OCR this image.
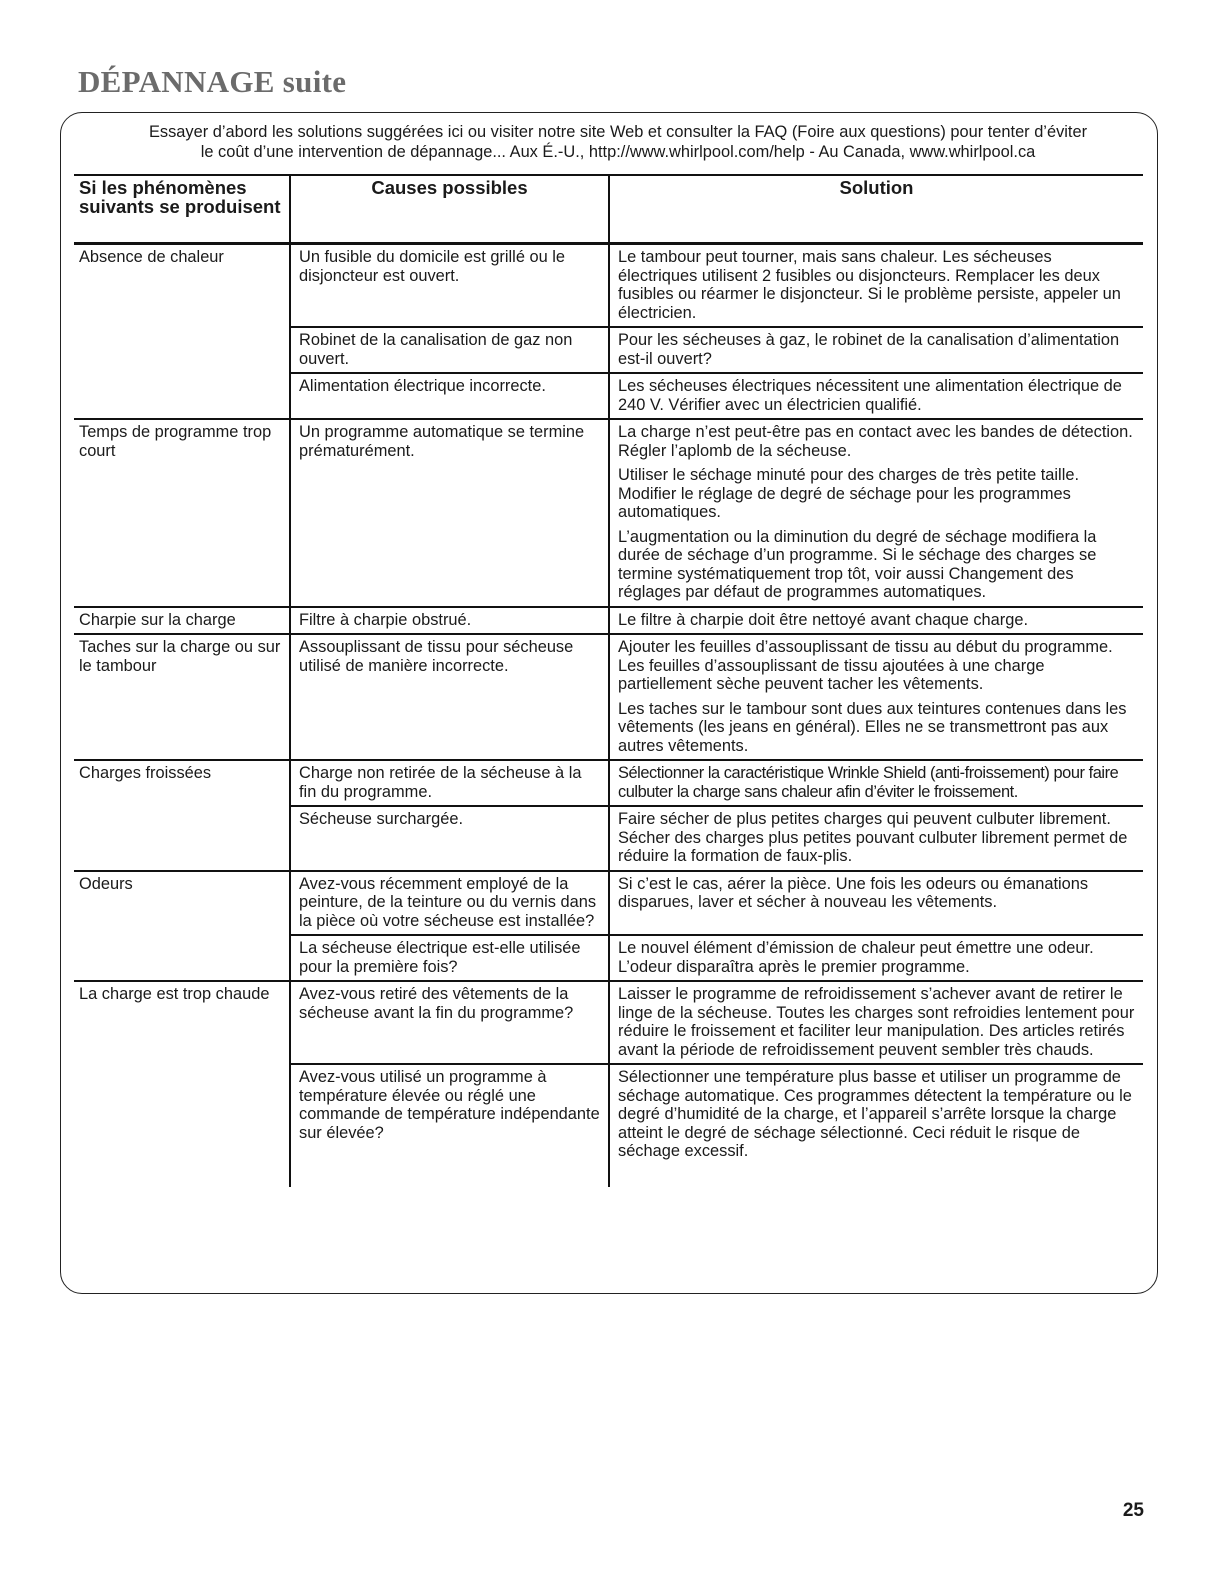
DÉPANNAGE suite
Essayer d’abord les solutions suggérées ici ou visiter notre site Web et consulter la FAQ (Foire aux questions) pour tenter d’éviter
le coût d’une intervention de dépannage... Aux É.-U., http://www.whirlpool.com/help - Au Canada, www.whirlpool.ca
Si les phénomènes suivants se produisent	Causes possibles	Solution
Absence de chaleur	Un fusible du domicile est grillé ou le disjoncteur est ouvert.	Le tambour peut tourner, mais sans chaleur. Les sécheuses électriques utilisent 2 fusibles ou disjoncteurs. Remplacer les deux fusibles ou réarmer le disjoncteur. Si le problème persiste, appeler un électricien.

	Robinet de la canalisation de gaz non ouvert.	Pour les sécheuses à gaz, le robinet de la canalisation d’alimentation est-il ouvert?

	Alimentation électrique incorrecte.	Les sécheuses électriques nécessitent une alimentation électrique de 240 V. Vérifier avec un électricien qualifié.

Temps de programme trop court	Un programme automatique se termine prématurément.	La charge n’est peut-être pas en contact avec les bandes de détection. Régler l’aplomb de la sécheuse.

Utiliser le séchage minuté pour des charges de très petite taille. Modifier le réglage de degré de séchage pour les programmes automatiques.

L’augmentation ou la diminution du degré de séchage modifiera la durée de séchage d’un programme. Si le séchage des charges se termine systématiquement trop tôt, voir aussi Changement des réglages par défaut de programmes automatiques.

Charpie sur la charge	Filtre à charpie obstrué.	Le filtre à charpie doit être nettoyé avant chaque charge.

Taches sur la charge ou sur le tambour	Assouplissant de tissu pour sécheuse utilisé de manière incorrecte.	Ajouter les feuilles d’assouplissant de tissu au début du programme. Les feuilles d’assouplissant de tissu ajoutées à une charge partiellement sèche peuvent tacher les vêtements.

Les taches sur le tambour sont dues aux teintures contenues dans les vêtements (les jeans en général). Elles ne se transmettront pas aux autres vêtements.

Charges froissées	Charge non retirée de la sécheuse à la fin du programme.	Sélectionner la caractéristique Wrinkle Shield (anti-froissement) pour faire culbuter la charge sans chaleur afin d’éviter le froissement.

	Sécheuse surchargée.	Faire sécher de plus petites charges qui peuvent culbuter librement. Sécher des charges plus petites pouvant culbuter librement permet de réduire la formation de faux-plis.

Odeurs	Avez-vous récemment employé de la peinture, de la teinture ou du vernis dans la pièce où votre sécheuse est installée?	Si c’est le cas, aérer la pièce. Une fois les odeurs ou émanations disparues, laver et sécher à nouveau les vêtements.

	La sécheuse électrique est-elle utilisée pour la première fois?	Le nouvel élément d’émission de chaleur peut émettre une odeur. L’odeur disparaîtra après le premier programme.

La charge est trop chaude	Avez-vous retiré des vêtements de la sécheuse avant la fin du programme?	Laisser le programme de refroidissement s’achever avant de retirer le linge de la sécheuse. Toutes les charges sont refroidies lentement pour réduire le froissement et faciliter leur manipulation. Des articles retirés avant la période de refroidissement peuvent sembler très chauds.

	Avez-vous utilisé un programme à température élevée ou réglé une commande de température indépendante sur élevée?	Sélectionner une température plus basse et utiliser un programme de séchage automatique. Ces programmes détectent la température ou le degré d’humidité de la charge, et l’appareil s’arrête lorsque la charge atteint le degré de séchage sélectionné. Ceci réduit le risque de séchage excessif.

25
